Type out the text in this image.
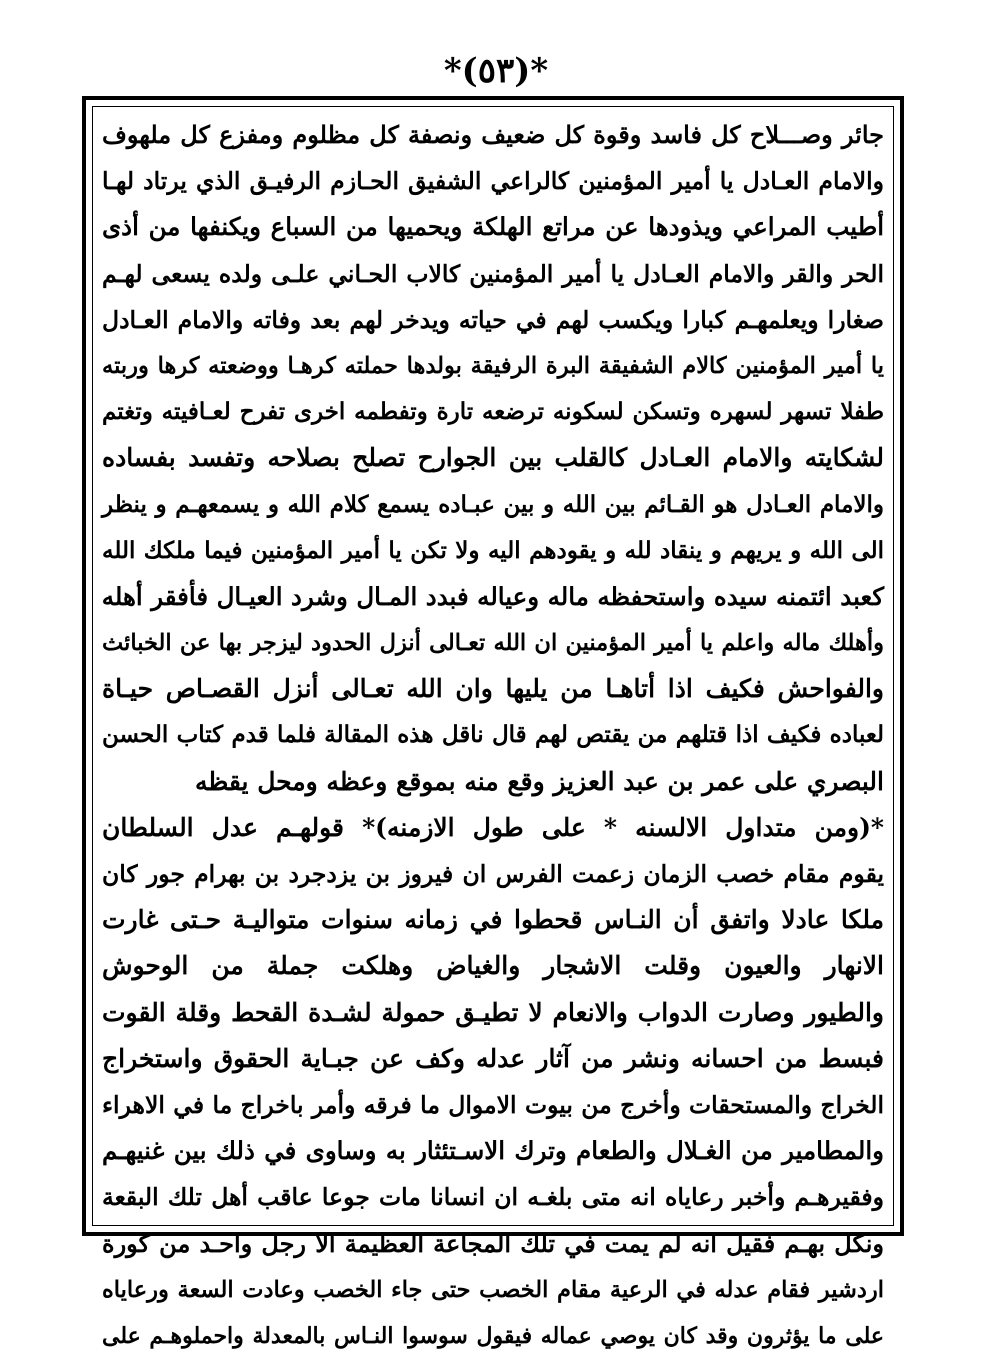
*(٥٣)*
جائر وصـــلاح كل فاسد وقوة كل ضعيف ونصفة كل مظلوم ومفزع كل ملهوف
والامام العـادل يا أمير المؤمنين كالراعي الشفيق الحـازم الرفيـق الذي يرتاد لهـا
أطيب المراعي ويذودها عن مراتع الهلكة ويحميها من السباع ويكنفها من أذى
الحر والقر والامام العـادل يا أمير المؤمنين كالاب الحـاني علـى ولده يسعى لهـم
صغارا ويعلمهـم كبارا ويكسب لهم في حياته ويدخر لهم بعد وفاته والامام العـادل
يا أمير المؤمنين كالام الشفيقة البرة الرفيقة بولدها حملته كرهـا ووضعته كرها وربته
طفلا تسهر لسهره وتسكن لسكونه ترضعه تارة وتفطمه اخرى تفرح لعـافيته وتغتم
لشكايته والامام العـادل كالقلب بين الجوارح تصلح بصلاحه وتفسد بفساده
والامام العـادل هو القـائم بين الله و بين عبـاده يسمع كلام الله و يسمعهـم و ينظر
الى الله و يريهم و ينقاد لله و يقودهم اليه ولا تكن يا أمير المؤمنين فيما ملكك الله
كعبد ائتمنه سيده واستحفظه ماله وعياله فبدد المـال وشرد العيـال فأفقر أهله
وأهلك ماله واعلم يا أمير المؤمنين ان الله تعـالى أنزل الحدود ليزجر بها عن الخبائث
والفواحش فكيف اذا أتاهـا من يليها وان الله تعـالى أنزل القصـاص حيـاة
لعباده فكيف اذا قتلهم من يقتص لهم قال ناقل هذه المقالة فلما قدم كتاب الحسن
البصري على عمر بن عبد العزيز وقع منه بموقع وعظه ومحل يقظه
*(ومن متداول الالسنه * على طول الازمنه)* قولهـم عدل السلطان
يقوم مقام خصب الزمان زعمت الفرس ان فيروز بن يزدجرد بن بهرام جور كان
ملكا عادلا واتفق أن النـاس قحطوا في زمانه سنوات متواليـة حـتى غارت
الانهار والعيون وقلت الاشجار والغياض وهلكت جملة من الوحوش
والطيور وصارت الدواب والانعام لا تطيـق حمولة لشـدة القحط وقلة القوت
فبسط من احسانه ونشر من آثار عدله وكف عن جبـاية الحقوق واستخراج
الخراج والمستحقات وأخرج من بيوت الاموال ما فرقه وأمر باخراج ما في الاهراء
والمطامير من الغـلال والطعام وترك الاسـتئثار به وساوى في ذلك بين غنيهـم
وفقيرهـم وأخبر رعاياه انه متى بلغـه ان انسانا مات جوعا عاقب أهل تلك البقعة
ونكل بهـم فقيل انه لم يمت في تلك المجاعة العظيمة الا رجل واحـد من كورة
اردشير فقام عدله في الرعية مقام الخصب حتى جاء الخصب وعادت السعة ورعاياه
على ما يؤثرون وقد كان يوصي عماله فيقول سوسوا النـاس بالمعدلة واحملوهـم على
